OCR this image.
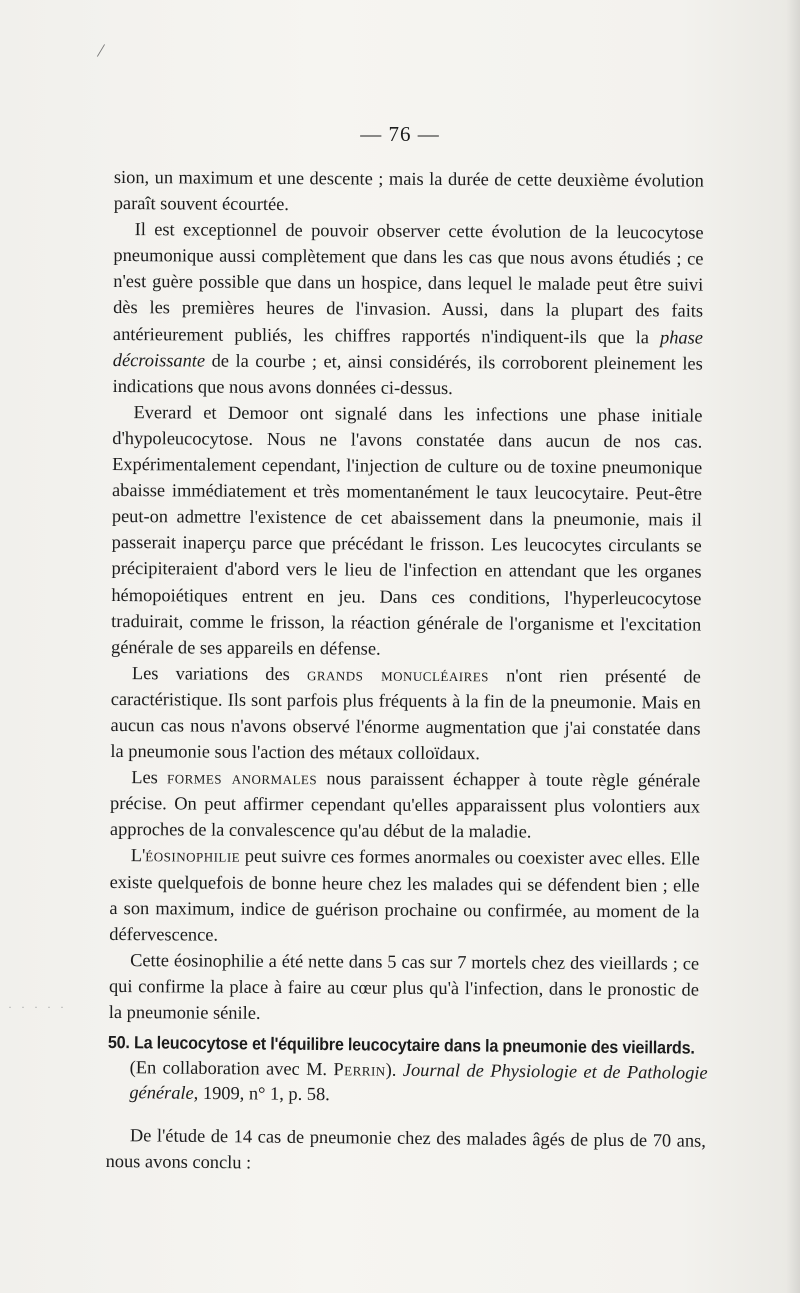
/
— 76 —

sion, un maximum et une descente ; mais la durée de cette deuxième évolution paraît souvent écourtée.

Il est exceptionnel de pouvoir observer cette évolution de la leucocytose pneumonique aussi complètement que dans les cas que nous avons étudiés ; ce n'est guère possible que dans un hospice, dans lequel le malade peut être suivi dès les premières heures de l'invasion. Aussi, dans la plupart des faits antérieurement publiés, les chiffres rapportés n'indiquent-ils que la phase décroissante de la courbe ; et, ainsi considérés, ils corroborent pleinement les indications que nous avons données ci-dessus.

Everard et Demoor ont signalé dans les infections une phase initiale d'hypoleucocytose. Nous ne l'avons constatée dans aucun de nos cas. Expérimentalement cependant, l'injection de culture ou de toxine pneumonique abaisse immédiatement et très momentanément le taux leucocytaire. Peut-être peut-on admettre l'existence de cet abaissement dans la pneumonie, mais il passerait inaperçu parce que précédant le frisson. Les leucocytes circulants se précipiteraient d'abord vers le lieu de l'infection en attendant que les organes hémopoiétiques entrent en jeu. Dans ces conditions, l'hyperleucocytose traduirait, comme le frisson, la réaction générale de l'organisme et l'excitation générale de ses appareils en défense.

Les variations des grands monucléaires n'ont rien présenté de caractéristique. Ils sont parfois plus fréquents à la fin de la pneumonie. Mais en aucun cas nous n'avons observé l'énorme augmentation que j'ai constatée dans la pneumonie sous l'action des métaux colloïdaux.

Les formes anormales nous paraissent échapper à toute règle générale précise. On peut affirmer cependant qu'elles apparaissent plus volontiers aux approches de la convalescence qu'au début de la maladie.

L'éosinophilie peut suivre ces formes anormales ou coexister avec elles. Elle existe quelquefois de bonne heure chez les malades qui se défendent bien ; elle a son maximum, indice de guérison prochaine ou confirmée, au moment de la défervescence.

Cette éosinophilie a été nette dans 5 cas sur 7 mortels chez des vieillards ; ce qui confirme la place à faire au cœur plus qu'à l'infection, dans le pronostic de la pneumonie sénile.

· · · · ·
50. La leucocytose et l'équilibre leucocytaire dans la pneumonie des vieillards.
(En collaboration avec M. Perrin). Journal de Physiologie et de Pathologie générale, 1909, n° 1, p. 58.
De l'étude de 14 cas de pneumonie chez des malades âgés de plus de 70 ans, nous avons conclu :
